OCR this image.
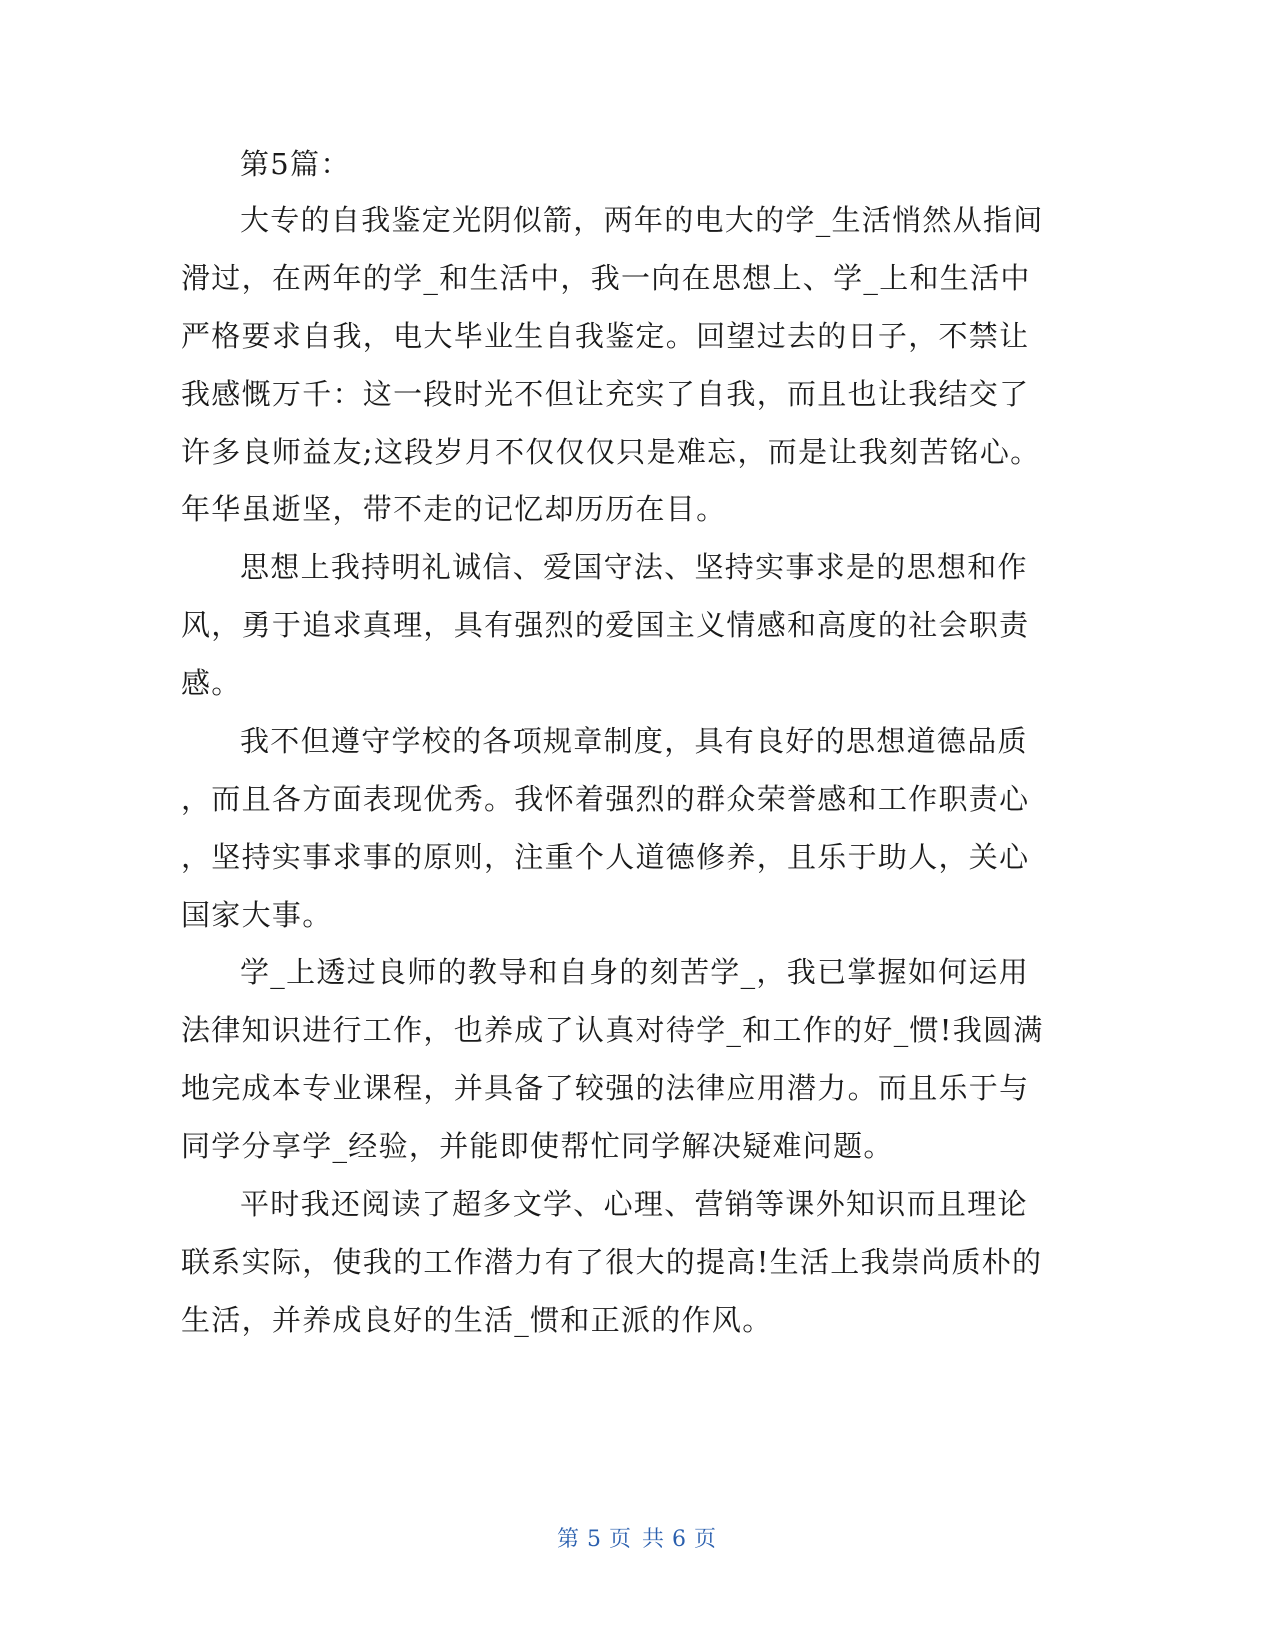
第5篇：
大专的自我鉴定光阴似箭，两年的电大的学_生活悄然从指间
滑过，在两年的学_和生活中，我一向在思想上、学_上和生活中
严格要求自我，电大毕业生自我鉴定。回望过去的日子，不禁让
我感慨万千：这一段时光不但让充实了自我，而且也让我结交了
许多良师益友;这段岁月不仅仅仅只是难忘，而是让我刻苦铭心。
年华虽逝坚，带不走的记忆却历历在目。
思想上我持明礼诚信、爱国守法、坚持实事求是的思想和作
风，勇于追求真理，具有强烈的爱国主义情感和高度的社会职责
感。
我不但遵守学校的各项规章制度，具有良好的思想道德品质
，而且各方面表现优秀。我怀着强烈的群众荣誉感和工作职责心
，坚持实事求事的原则，注重个人道德修养，且乐于助人，关心
国家大事。
学_上透过良师的教导和自身的刻苦学_，我已掌握如何运用
法律知识进行工作，也养成了认真对待学_和工作的好_惯!我圆满
地完成本专业课程，并具备了较强的法律应用潜力。而且乐于与
同学分享学_经验，并能即使帮忙同学解决疑难问题。
平时我还阅读了超多文学、心理、营销等课外知识而且理论
联系实际，使我的工作潜力有了很大的提高!生活上我崇尚质朴的
生活，并养成良好的生活_惯和正派的作风。
第 5 页 共 6 页
